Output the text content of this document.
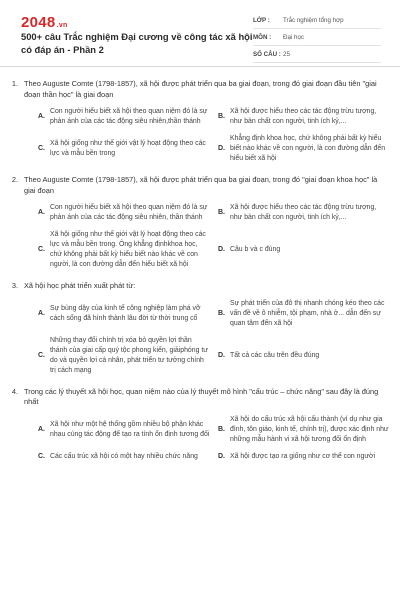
2048.vn
500+ câu Trắc nghiệm Đại cương về công tác xã hội có đáp án - Phần 2
LỚP :	Trắc nghiệm tổng hợp
MÔN :	Đại học
SỐ CÂU : 25
1. Theo Auguste Comte (1798-1857), xã hội được phát triển qua ba giai đoạn, trong đó giai đoạn đầu tiên "giai đoạn thần học" là giai đoạn
A.
Con người hiểu biết xã hội theo quan niệm đó là sự phản ánh của các tác động siêu nhiên,thần thánh
B.
Xã hội được hiểu theo các tác động trừu tượng, như bản chất con người, tinh ích kỷ,...
C.
Xã hội giống như thế giới vật lý hoạt động theo các lực và mẫu bền trong
D.
Khẳng định khoa học, chứ không phải bất kỳ hiểu biết nào khác về con người, là con đường dẫn đến hiểu biết xã hội
2. Theo Auguste Comte (1798-1857), xã hội được phát triển qua ba giai đoạn, trong đó "giai đoạn khoa học" là giai đoạn
A.
Con người hiểu biết xã hội theo quan niệm đó là sự phản ánh của các tác động siêu nhiên, thần thánh
B.
Xã hội được hiểu theo các tác động trừu tượng, như bản chất con người, tinh ích kỷ,...
C.
Xã hội giống như thế giới vật lý hoạt động theo các lực và mẫu bền trong. Ông khẳng địnhkhoa học, chứ không phải bất kỳ hiểu biết nào khác về con người, là con đường dẫn đến hiểu biết xã hội
D. Câu b và c đúng
3. Xã hội học phát triển xuất phát từ:
A.
Sự bùng dậy của kinh tế công nghiệp làm phá vỡ cách sống đã hình thành lâu đời từ thời trung cổ
B.
Sự phát triển của đô thị nhanh chóng kéo theo các vấn đề về ô nhiễm, tội phạm, nhà ở... dẫn đến sự quan tâm đến xã hội
C.
Những thay đổi chính trị xóa bỏ quyền lợi thần thánh của giai cấp quý tộc phong kiến, giảiphóng tư do và quyền lợi cá nhân, phát triển tư tưởng chính trị cách mạng
D. Tất cả các câu trên đều đúng
4. Trong các lý thuyết xã hội học, quan niệm nào của lý thuyết mô hình "cấu trúc – chức năng" sau đây là đúng nhất
A.
Xã hội như một hệ thống gồm nhiều bộ phận khác nhau cùng tác động để tạo ra tính ổn định tương đối
B.
Xã hội do cấu trúc xã hội cấu thành (ví dụ như gia đình, tôn giáo, kinh tế, chính trị), được xác định như những mẫu hành vi xã hội tương đối ổn định
C. Các cấu trúc xã hội có một hay nhiều chức năng	D. Xã hội được tạo ra giống như cơ thể con người
